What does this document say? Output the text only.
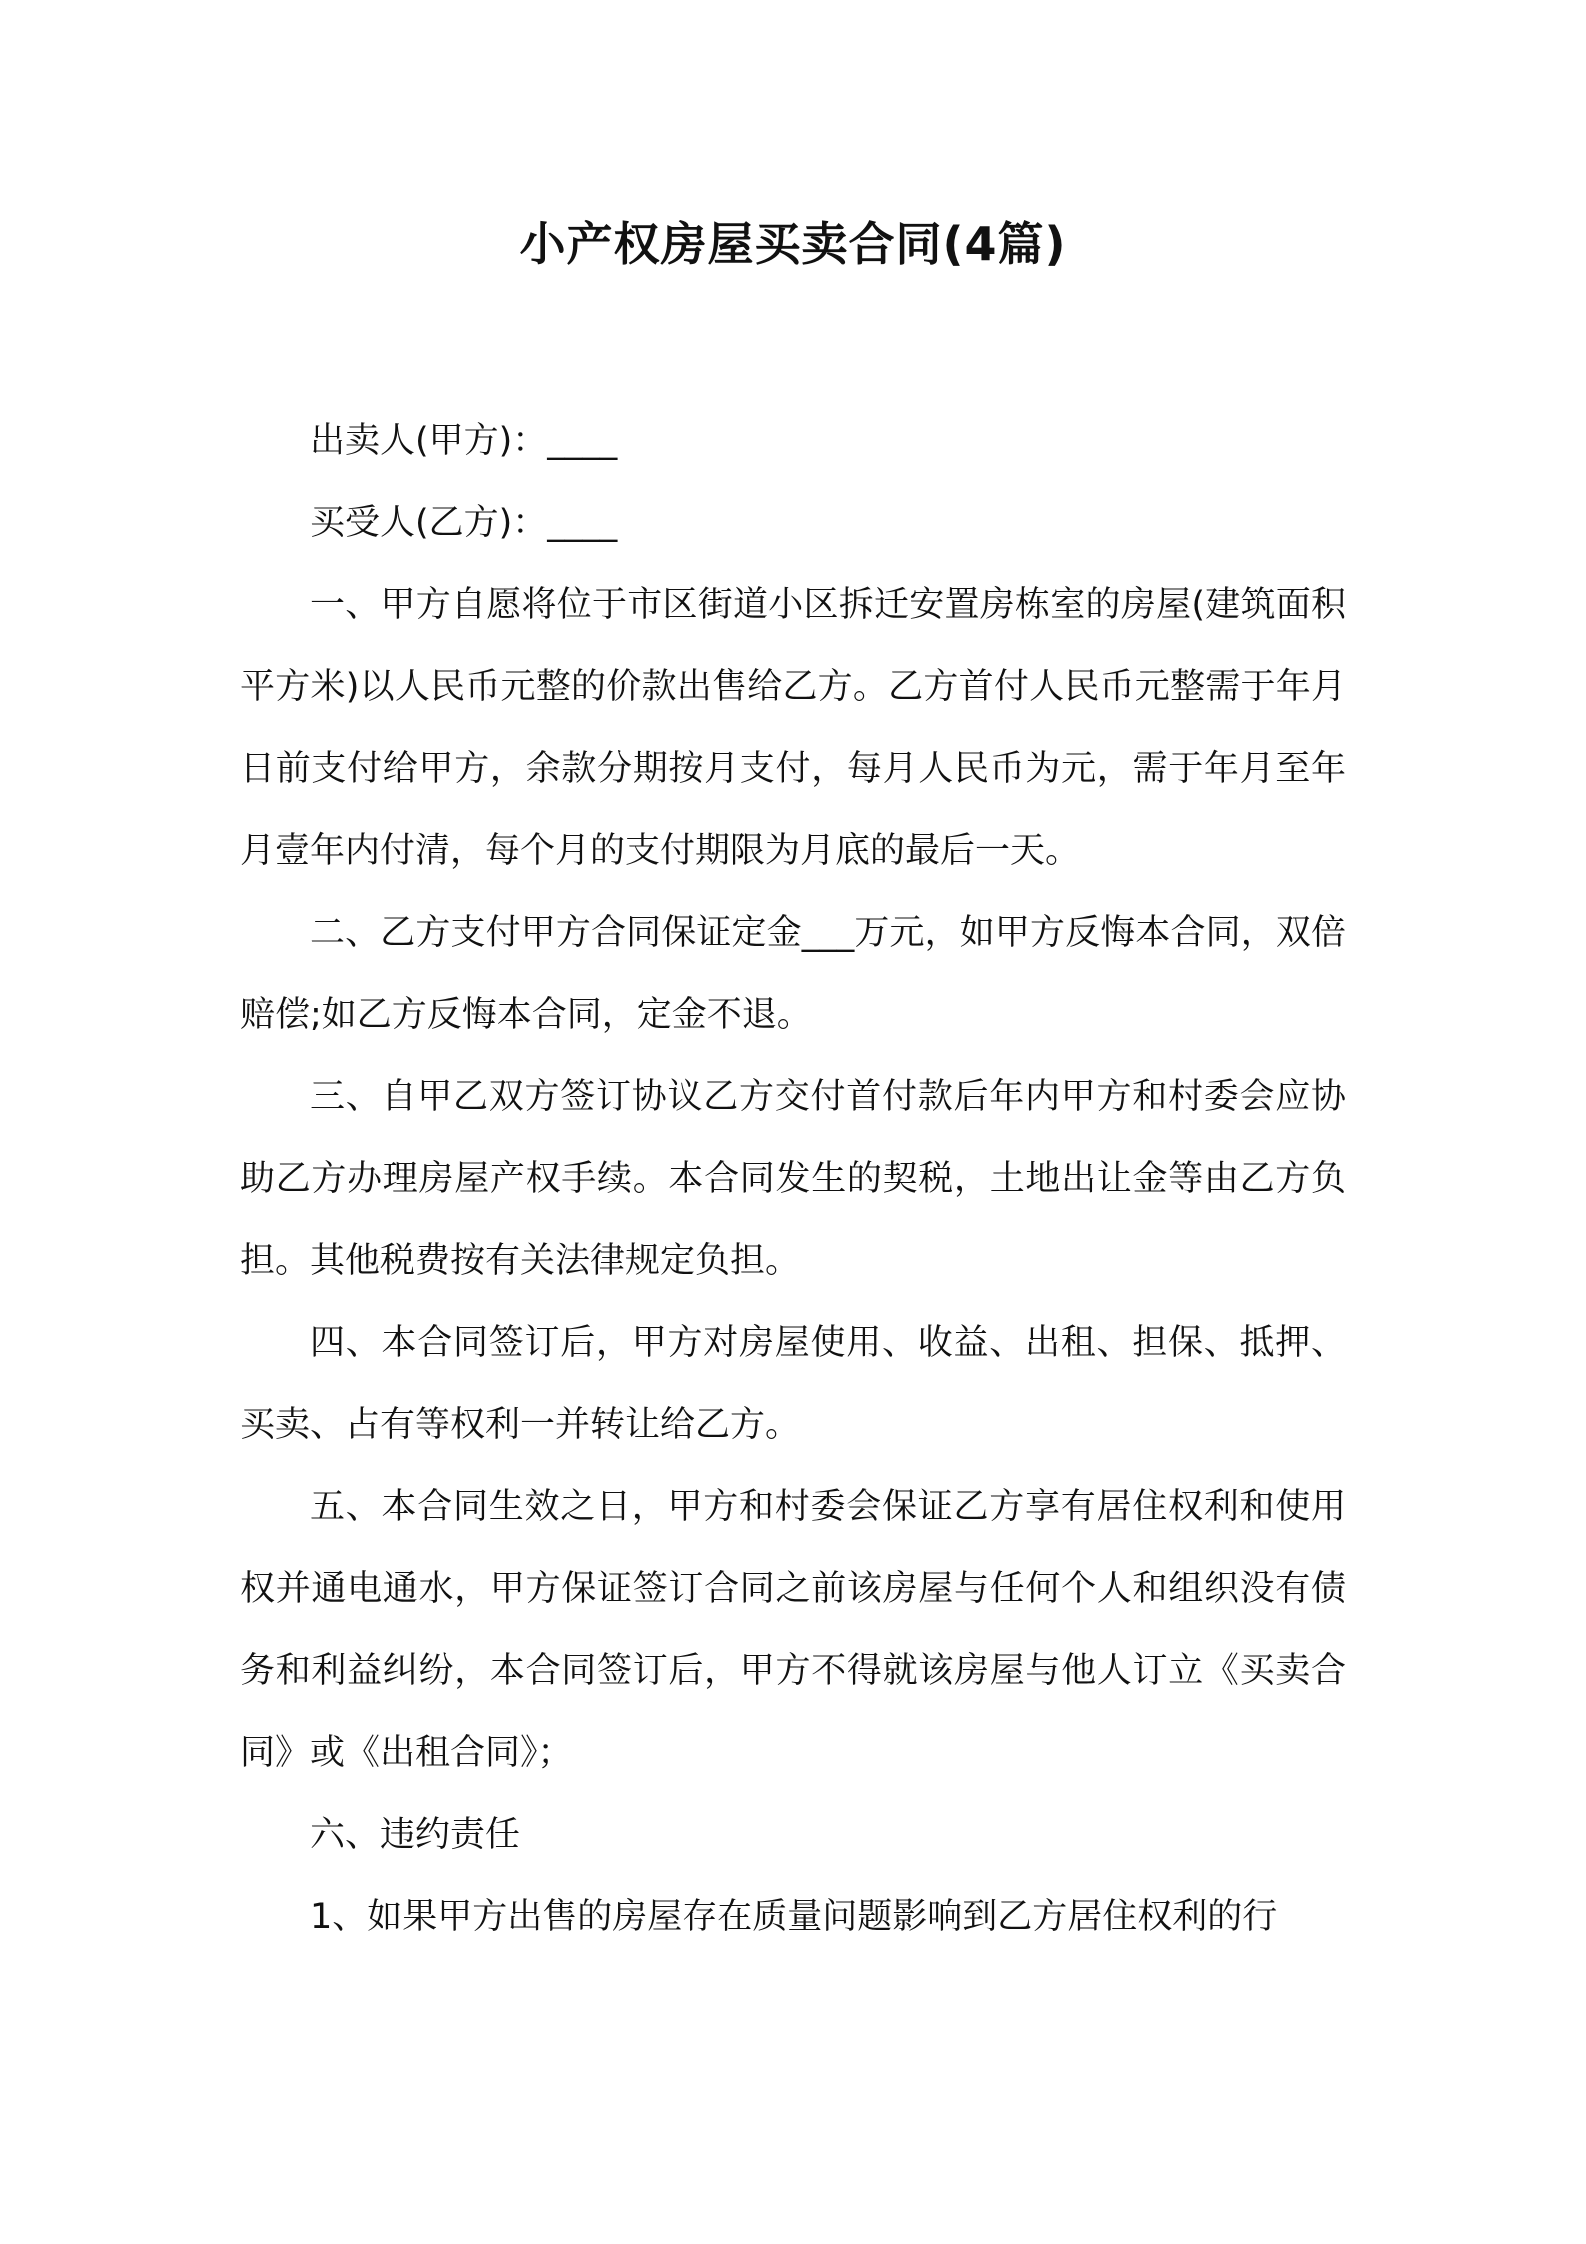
小产权房屋买卖合同(4篇)

出卖人(甲方)：____

买受人(乙方)：____

一、甲方自愿将位于市区街道小区拆迁安置房栋室的房屋(建筑面积平方米)以人民币元整的价款出售给乙方。乙方首付人民币元整需于年月日前支付给甲方，余款分期按月支付，每月人民币为元，需于年月至年月壹年内付清，每个月的支付期限为月底的最后一天。

二、乙方支付甲方合同保证定金___万元，如甲方反悔本合同，双倍赔偿;如乙方反悔本合同，定金不退。

三、自甲乙双方签订协议乙方交付首付款后年内甲方和村委会应协助乙方办理房屋产权手续。本合同发生的契税，土地出让金等由乙方负担。其他税费按有关法律规定负担。

四、本合同签订后，甲方对房屋使用、收益、出租、担保、抵押、买卖、占有等权利一并转让给乙方。

五、本合同生效之日，甲方和村委会保证乙方享有居住权利和使用权并通电通水，甲方保证签订合同之前该房屋与任何个人和组织没有债务和利益纠纷，本合同签订后，甲方不得就该房屋与他人订立《买卖合同》或《出租合同》；

六、违约责任

1、如果甲方出售的房屋存在质量问题影响到乙方居住权利的行
